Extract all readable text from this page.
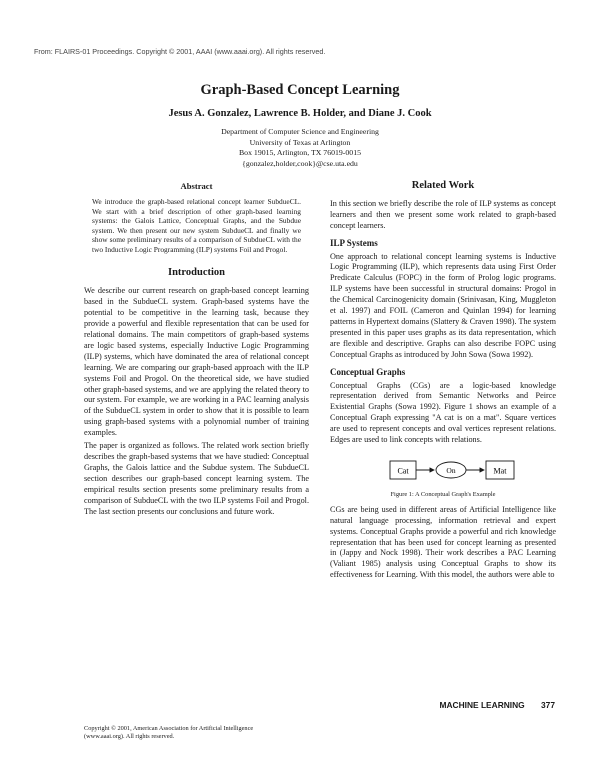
From: FLAIRS-01 Proceedings. Copyright © 2001, AAAI (www.aaai.org). All rights reserved.
Graph-Based Concept Learning
Jesus A. Gonzalez, Lawrence B. Holder, and Diane J. Cook
Department of Computer Science and Engineering
University of Texas at Arlington
Box 19015, Arlington, TX 76019-0015
{gonzalez,holder,cook}@cse.uta.edu
Abstract

We introduce the graph-based relational concept learner SubdueCL. We start with a brief description of other graph-based learning systems: the Galois Lattice, Conceptual Graphs, and the Subdue system. We then present our new system SubdueCL and finally we show some preliminary results of a comparison of SubdueCL with the two Inductive Logic Programming (ILP) systems Foil and Progol.

Introduction

We describe our current research on graph-based concept learning based in the SubdueCL system. Graph-based systems have the potential to be competitive in the learning task, because they provide a powerful and flexible representation that can be used for relational domains. The main competitors of graph-based systems are logic based systems, especially Inductive Logic Programming (ILP) systems, which have dominated the area of relational concept learning. We are comparing our graph-based approach with the ILP systems Foil and Progol. On the theoretical side, we have studied other graph-based systems, and we are applying the related theory to our system. For example, we are working in a PAC learning analysis of the SubdueCL system in order to show that it is possible to learn using graph-based systems with a polynomial number of training examples.

The paper is organized as follows. The related work section briefly describes the graph-based systems that we have studied: Conceptual Graphs, the Galois lattice and the Subdue system. The SubdueCL section describes our graph-based concept learning system. The empirical results section presents some preliminary results from a comparison of SubdueCL with the two ILP systems Foil and Progol. The last section presents our conclusions and future work.

Copyright © 2001, American Association for Artificial Intelligence (www.aaai.org). All rights reserved.
Related Work

In this section we briefly describe the role of ILP systems as concept learners and then we present some work related to graph-based concept learners.

ILP Systems

One approach to relational concept learning systems is Inductive Logic Programming (ILP), which represents data using First Order Predicate Calculus (FOPC) in the form of Prolog logic programs. ILP systems have been successful in structural domains: Progol in the Chemical Carcinogenicity domain (Srinivasan, King, Muggleton et al. 1997) and FOIL (Cameron and Quinlan 1994) for learning patterns in Hypertext domains (Slattery & Craven 1998). The system presented in this paper uses graphs as its data representation, which are flexible and descriptive. Graphs can also describe FOPC using Conceptual Graphs as introduced by John Sowa (Sowa 1992).

Conceptual Graphs

Conceptual Graphs (CGs) are a logic-based knowledge representation derived from Semantic Networks and Peirce Existential Graphs (Sowa 1992). Figure 1 shows an example of a Conceptual Graph expressing "A cat is on a mat". Square vertices are used to represent concepts and oval vertices represent relations. Edges are used to link concepts with relations.

Cat	On	Mat
Figure 1: A Conceptual Graph's Example

CGs are being used in different areas of Artificial Intelligence like natural language processing, information retrieval and expert systems. Conceptual Graphs provide a powerful and rich knowledge representation that has been used for concept learning as presented in (Jappy and Nock 1998). Their work describes a PAC Learning (Valiant 1985) analysis using Conceptual Graphs to show its effectiveness for Learning. With this model, the authors were able to

MACHINE LEARNING 377
